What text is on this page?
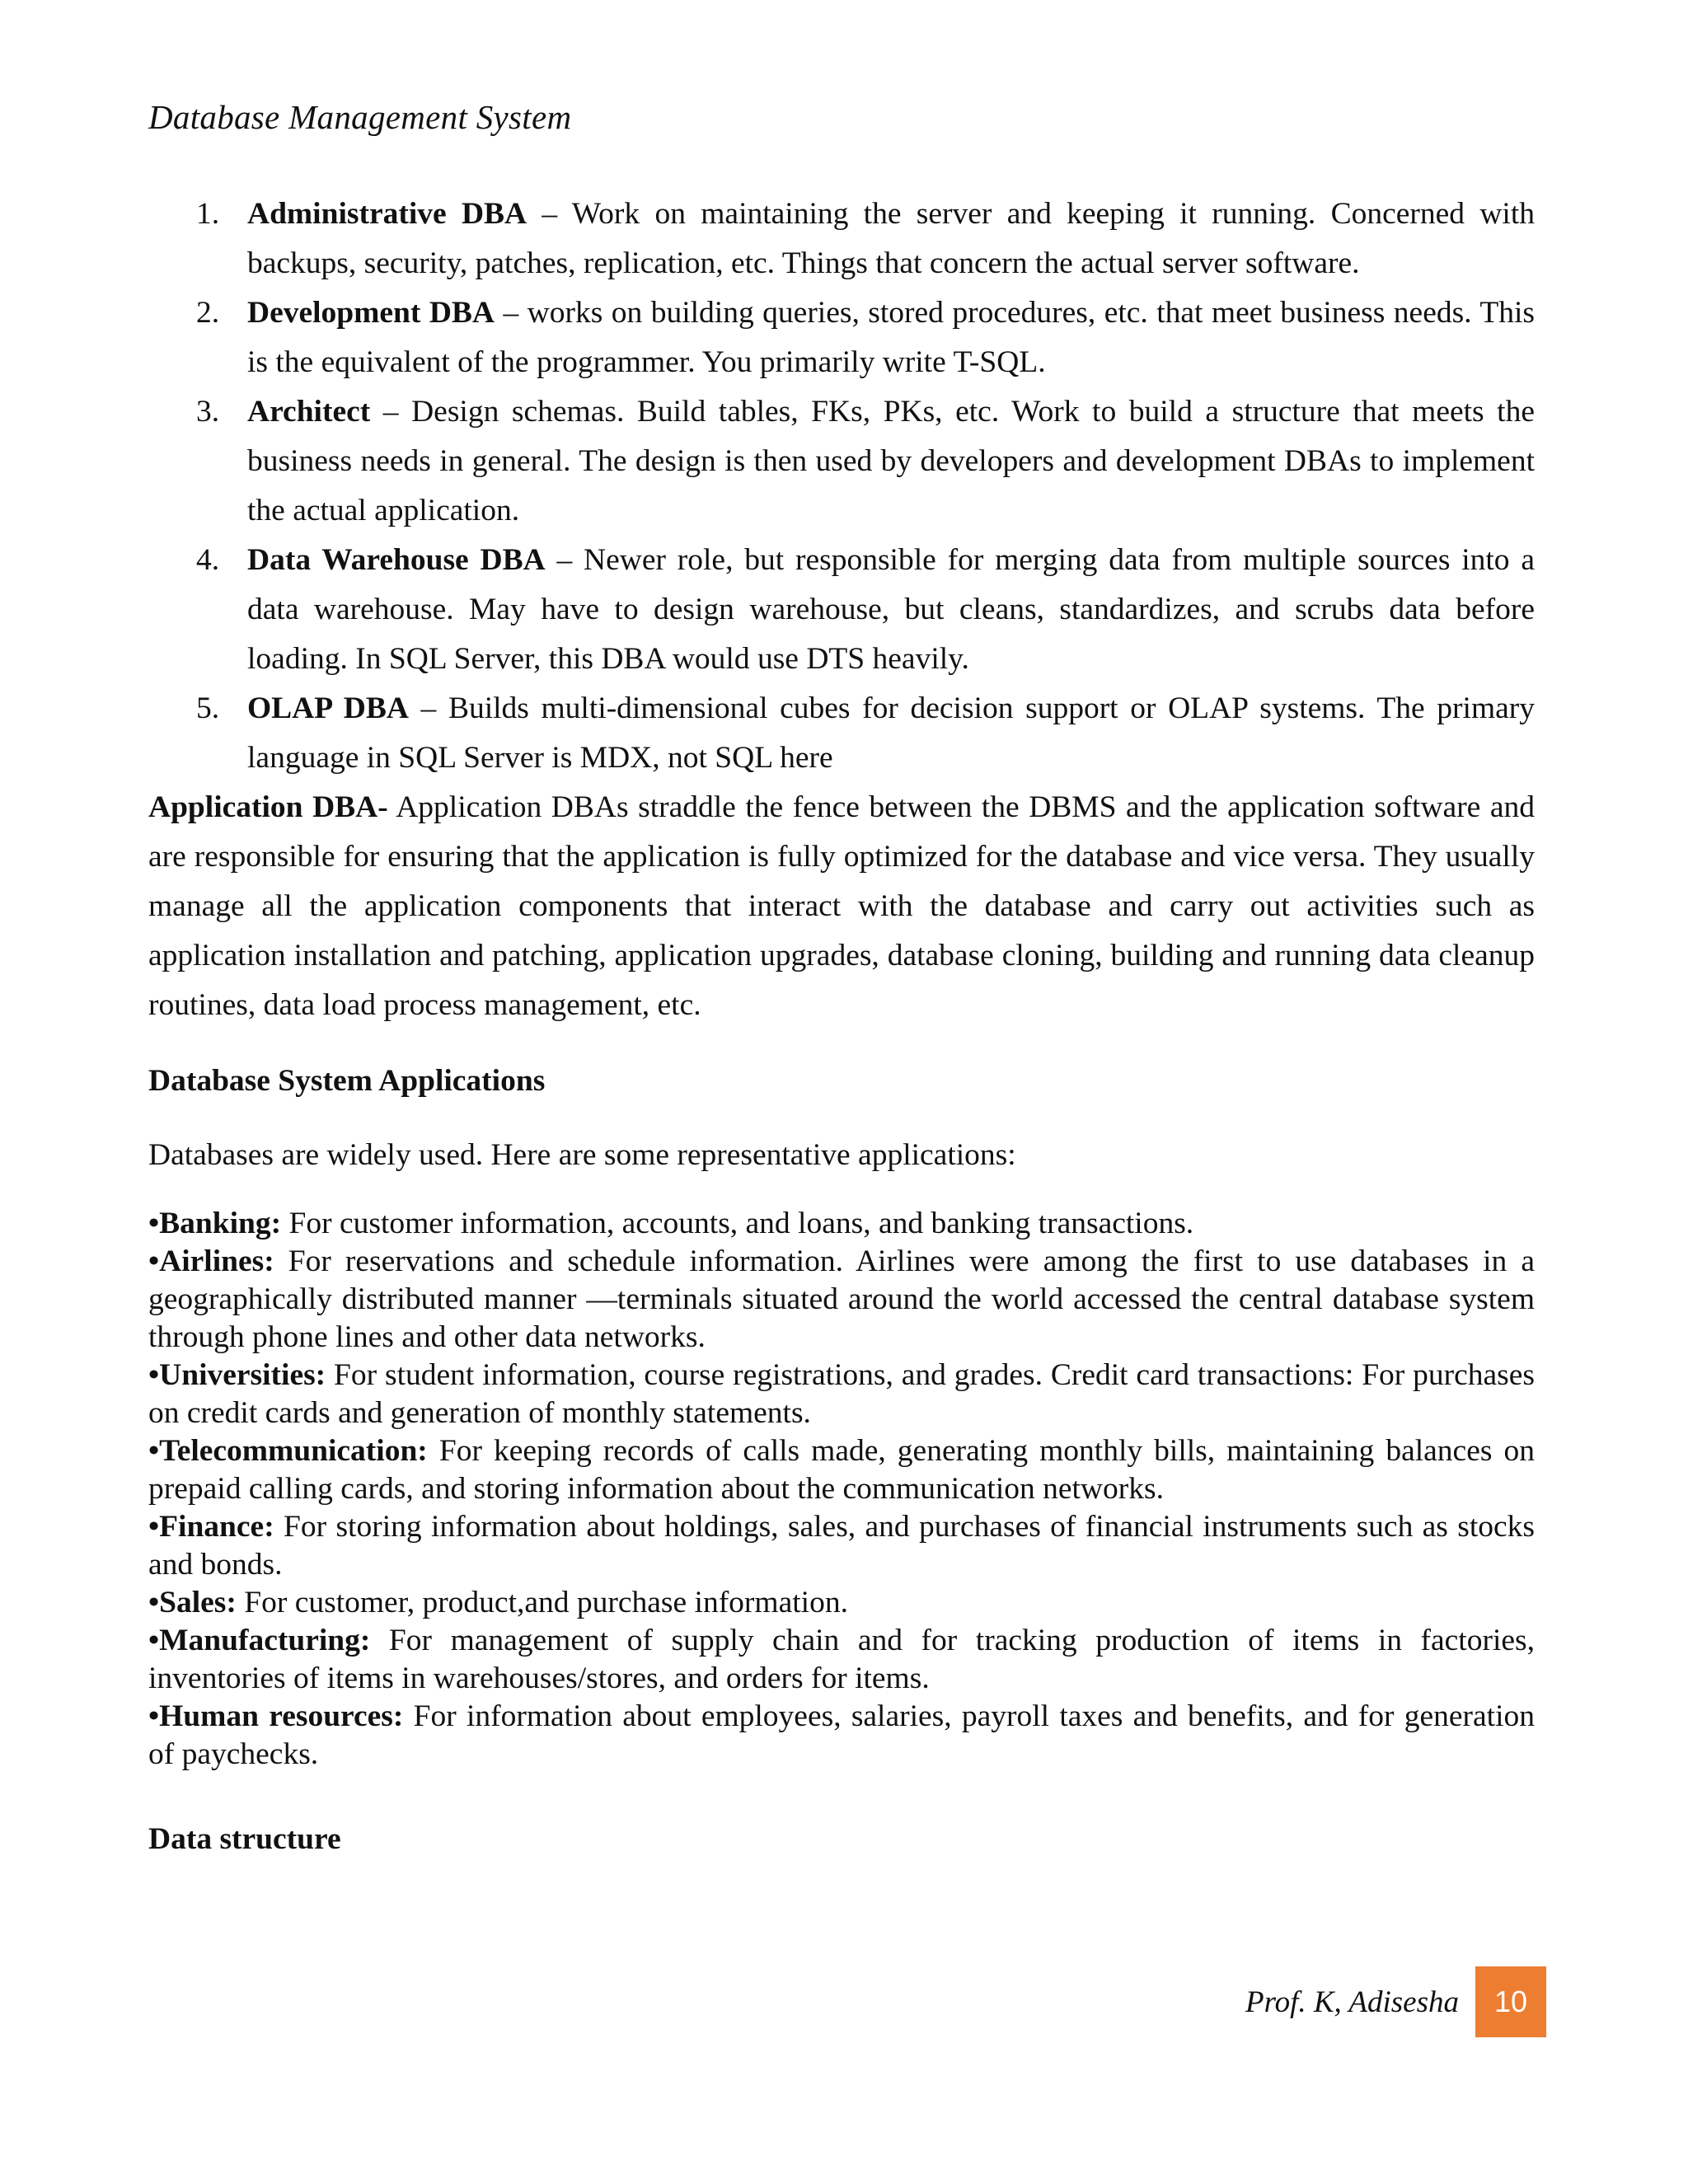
Database Management System
1. Administrative DBA – Work on maintaining the server and keeping it running. Concerned with backups, security, patches, replication, etc. Things that concern the actual server software.
2. Development DBA – works on building queries, stored procedures, etc. that meet business needs. This is the equivalent of the programmer. You primarily write T-SQL.
3. Architect – Design schemas. Build tables, FKs, PKs, etc. Work to build a structure that meets the business needs in general. The design is then used by developers and development DBAs to implement the actual application.
4. Data Warehouse DBA – Newer role, but responsible for merging data from multiple sources into a data warehouse. May have to design warehouse, but cleans, standardizes, and scrubs data before loading. In SQL Server, this DBA would use DTS heavily.
5. OLAP DBA – Builds multi-dimensional cubes for decision support or OLAP systems. The primary language in SQL Server is MDX, not SQL here

Application DBA- Application DBAs straddle the fence between the DBMS and the application software and are responsible for ensuring that the application is fully optimized for the database and vice versa. They usually manage all the application components that interact with the database and carry out activities such as application installation and patching, application upgrades, database cloning, building and running data cleanup routines, data load process management, etc.

Database System Applications

Databases are widely used. Here are some representative applications:

•Banking: For customer information, accounts, and loans, and banking transactions.
•Airlines: For reservations and schedule information. Airlines were among the first to use databases in a geographically distributed manner —terminals situated around the world accessed the central database system through phone lines and other data networks.
•Universities: For student information, course registrations, and grades. Credit card transactions: For purchases on credit cards and generation of monthly statements.
•Telecommunication: For keeping records of calls made, generating monthly bills, maintaining balances on prepaid calling cards, and storing information about the communication networks.
•Finance: For storing information about holdings, sales, and purchases of financial instruments such as stocks and bonds.
•Sales: For customer, product,and purchase information.
•Manufacturing: For management of supply chain and for tracking production of items in factories, inventories of items in warehouses/stores, and orders for items.
•Human resources: For information about employees, salaries, payroll taxes and benefits, and for generation of paychecks.
Data structure
Prof. K, Adisesha	10
